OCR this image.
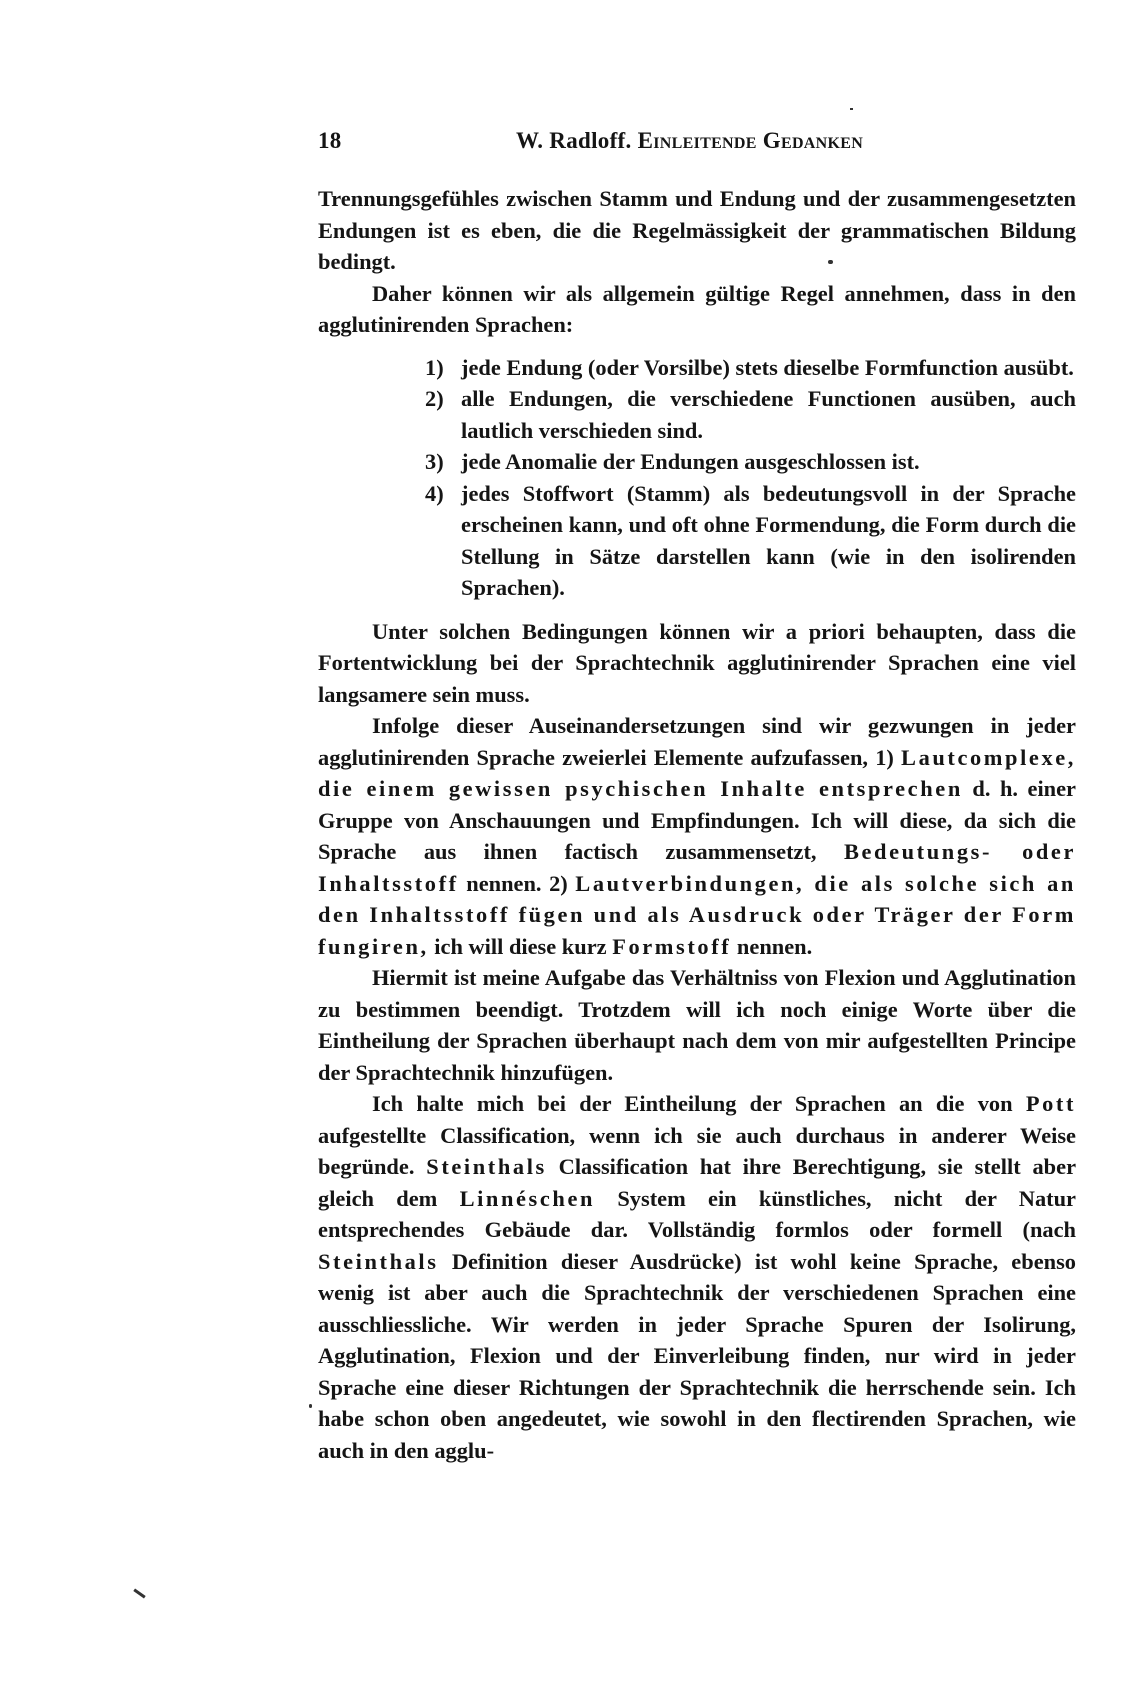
18	W. Radloff. Einleitende Gedanken

Trennungsgefühles zwischen Stamm und Endung und der zusammengesetzten Endungen ist es eben, die die Regelmässigkeit der grammatischen Bildung bedingt.

Daher können wir als allgemein gültige Regel annehmen, dass in den agglutinirenden Sprachen:

1) jede Endung (oder Vorsilbe) stets dieselbe Formfunction ausübt.
2) alle Endungen, die verschiedene Functionen ausüben, auch lautlich verschieden sind.
3) jede Anomalie der Endungen ausgeschlossen ist.
4) jedes Stoffwort (Stamm) als bedeutungsvoll in der Sprache erscheinen kann, und oft ohne Formendung, die Form durch die Stellung in Sätze darstellen kann (wie in den isolirenden Sprachen).

Unter solchen Bedingungen können wir a priori behaupten, dass die Fortentwicklung bei der Sprachtechnik agglutinirender Sprachen eine viel langsamere sein muss.

Infolge dieser Auseinandersetzungen sind wir gezwungen in jeder agglutinirenden Sprache zweierlei Elemente aufzufassen, 1) Lautcomplexe, die einem gewissen psychischen Inhalte entsprechen d. h. einer Gruppe von Anschauungen und Empfindungen. Ich will diese, da sich die Sprache aus ihnen factisch zusammensetzt, Bedeutungs- oder Inhaltsstoff nennen. 2) Lautverbindungen, die als solche sich an den Inhaltsstoff fügen und als Ausdruck oder Träger der Form fungiren, ich will diese kurz Formstoff nennen.

Hiermit ist meine Aufgabe das Verhältniss von Flexion und Agglutination zu bestimmen beendigt. Trotzdem will ich noch einige Worte über die Eintheilung der Sprachen überhaupt nach dem von mir aufgestellten Principe der Sprachtechnik hinzufügen.

Ich halte mich bei der Eintheilung der Sprachen an die von Pott aufgestellte Classification, wenn ich sie auch durchaus in anderer Weise begründe. Steinthals Classification hat ihre Berechtigung, sie stellt aber gleich dem Linnéschen System ein künstliches, nicht der Natur entsprechendes Gebäude dar. Vollständig formlos oder formell (nach Steinthals Definition dieser Ausdrücke) ist wohl keine Sprache, ebenso wenig ist aber auch die Sprachtechnik der verschiedenen Sprachen eine ausschliessliche. Wir werden in jeder Sprache Spuren der Isolirung, Agglutination, Flexion und der Einverleibung finden, nur wird in jeder Sprache eine dieser Richtungen der Sprachtechnik die herrschende sein. Ich habe schon oben angedeutet, wie sowohl in den flectirenden Sprachen, wie auch in den agglu-
